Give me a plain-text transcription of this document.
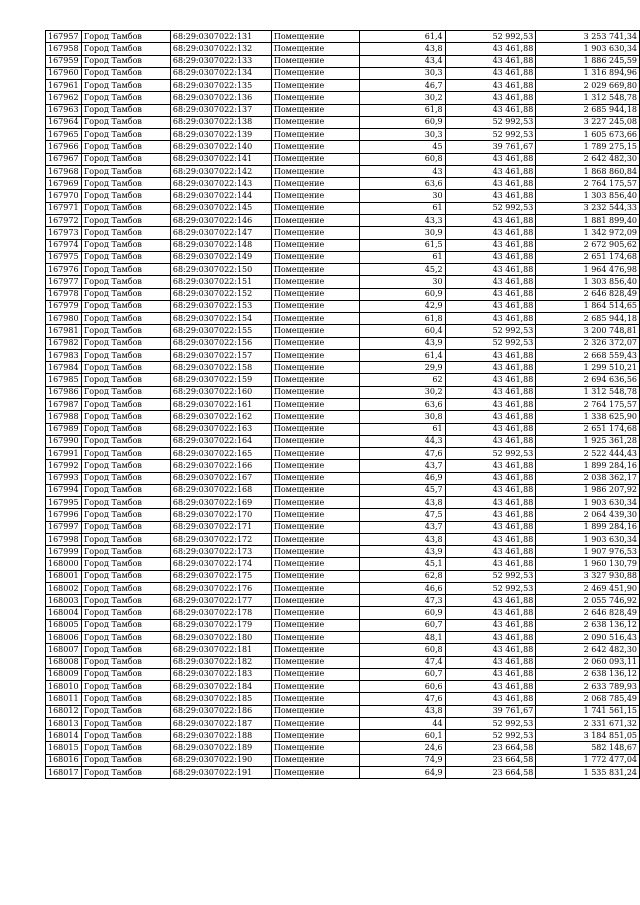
167957	Город Тамбов	68:29:0307022:131	Помещение	61,4	52 992,53	3 253 741,34
167958	Город Тамбов	68:29:0307022:132	Помещение	43,8	43 461,88	1 903 630,34
167959	Город Тамбов	68:29:0307022:133	Помещение	43,4	43 461,88	1 886 245,59
167960	Город Тамбов	68:29:0307022:134	Помещение	30,3	43 461,88	1 316 894,96
167961	Город Тамбов	68:29:0307022:135	Помещение	46,7	43 461,88	2 029 669,80
167962	Город Тамбов	68:29:0307022:136	Помещение	30,2	43 461,88	1 312 548,78
167963	Город Тамбов	68:29:0307022:137	Помещение	61,8	43 461,88	2 685 944,18
167964	Город Тамбов	68:29:0307022:138	Помещение	60,9	52 992,53	3 227 245,08
167965	Город Тамбов	68:29:0307022:139	Помещение	30,3	52 992,53	1 605 673,66
167966	Город Тамбов	68:29:0307022:140	Помещение	45	39 761,67	1 789 275,15
167967	Город Тамбов	68:29:0307022:141	Помещение	60,8	43 461,88	2 642 482,30
167968	Город Тамбов	68:29:0307022:142	Помещение	43	43 461,88	1 868 860,84
167969	Город Тамбов	68:29:0307022:143	Помещение	63,6	43 461,88	2 764 175,57
167970	Город Тамбов	68:29:0307022:144	Помещение	30	43 461,88	1 303 856,40
167971	Город Тамбов	68:29:0307022:145	Помещение	61	52 992,53	3 232 544,33
167972	Город Тамбов	68:29:0307022:146	Помещение	43,3	43 461,88	1 881 899,40
167973	Город Тамбов	68:29:0307022:147	Помещение	30,9	43 461,88	1 342 972,09
167974	Город Тамбов	68:29:0307022:148	Помещение	61,5	43 461,88	2 672 905,62
167975	Город Тамбов	68:29:0307022:149	Помещение	61	43 461,88	2 651 174,68
167976	Город Тамбов	68:29:0307022:150	Помещение	45,2	43 461,88	1 964 476,98
167977	Город Тамбов	68:29:0307022:151	Помещение	30	43 461,88	1 303 856,40
167978	Город Тамбов	68:29:0307022:152	Помещение	60,9	43 461,88	2 646 828,49
167979	Город Тамбов	68:29:0307022:153	Помещение	42,9	43 461,88	1 864 514,65
167980	Город Тамбов	68:29:0307022:154	Помещение	61,8	43 461,88	2 685 944,18
167981	Город Тамбов	68:29:0307022:155	Помещение	60,4	52 992,53	3 200 748,81
167982	Город Тамбов	68:29:0307022:156	Помещение	43,9	52 992,53	2 326 372,07
167983	Город Тамбов	68:29:0307022:157	Помещение	61,4	43 461,88	2 668 559,43
167984	Город Тамбов	68:29:0307022:158	Помещение	29,9	43 461,88	1 299 510,21
167985	Город Тамбов	68:29:0307022:159	Помещение	62	43 461,88	2 694 636,56
167986	Город Тамбов	68:29:0307022:160	Помещение	30,2	43 461,88	1 312 548,78
167987	Город Тамбов	68:29:0307022:161	Помещение	63,6	43 461,88	2 764 175,57
167988	Город Тамбов	68:29:0307022:162	Помещение	30,8	43 461,88	1 338 625,90
167989	Город Тамбов	68:29:0307022:163	Помещение	61	43 461,88	2 651 174,68
167990	Город Тамбов	68:29:0307022:164	Помещение	44,3	43 461,88	1 925 361,28
167991	Город Тамбов	68:29:0307022:165	Помещение	47,6	52 992,53	2 522 444,43
167992	Город Тамбов	68:29:0307022:166	Помещение	43,7	43 461,88	1 899 284,16
167993	Город Тамбов	68:29:0307022:167	Помещение	46,9	43 461,88	2 038 362,17
167994	Город Тамбов	68:29:0307022:168	Помещение	45,7	43 461,88	1 986 207,92
167995	Город Тамбов	68:29:0307022:169	Помещение	43,8	43 461,88	1 903 630,34
167996	Город Тамбов	68:29:0307022:170	Помещение	47,5	43 461,88	2 064 439,30
167997	Город Тамбов	68:29:0307022:171	Помещение	43,7	43 461,88	1 899 284,16
167998	Город Тамбов	68:29:0307022:172	Помещение	43,8	43 461,88	1 903 630,34
167999	Город Тамбов	68:29:0307022:173	Помещение	43,9	43 461,88	1 907 976,53
168000	Город Тамбов	68:29:0307022:174	Помещение	45,1	43 461,88	1 960 130,79
168001	Город Тамбов	68:29:0307022:175	Помещение	62,8	52 992,53	3 327 930,88
168002	Город Тамбов	68:29:0307022:176	Помещение	46,6	52 992,53	2 469 451,90
168003	Город Тамбов	68:29:0307022:177	Помещение	47,3	43 461,88	2 055 746,92
168004	Город Тамбов	68:29:0307022:178	Помещение	60,9	43 461,88	2 646 828,49
168005	Город Тамбов	68:29:0307022:179	Помещение	60,7	43 461,88	2 638 136,12
168006	Город Тамбов	68:29:0307022:180	Помещение	48,1	43 461,88	2 090 516,43
168007	Город Тамбов	68:29:0307022:181	Помещение	60,8	43 461,88	2 642 482,30
168008	Город Тамбов	68:29:0307022:182	Помещение	47,4	43 461,88	2 060 093,11
168009	Город Тамбов	68:29:0307022:183	Помещение	60,7	43 461,88	2 638 136,12
168010	Город Тамбов	68:29:0307022:184	Помещение	60,6	43 461,88	2 633 789,93
168011	Город Тамбов	68:29:0307022:185	Помещение	47,6	43 461,88	2 068 785,49
168012	Город Тамбов	68:29:0307022:186	Помещение	43,8	39 761,67	1 741 561,15
168013	Город Тамбов	68:29:0307022:187	Помещение	44	52 992,53	2 331 671,32
168014	Город Тамбов	68:29:0307022:188	Помещение	60,1	52 992,53	3 184 851,05
168015	Город Тамбов	68:29:0307022:189	Помещение	24,6	23 664,58	582 148,67
168016	Город Тамбов	68:29:0307022:190	Помещение	74,9	23 664,58	1 772 477,04
168017	Город Тамбов	68:29:0307022:191	Помещение	64,9	23 664,58	1 535 831,24
